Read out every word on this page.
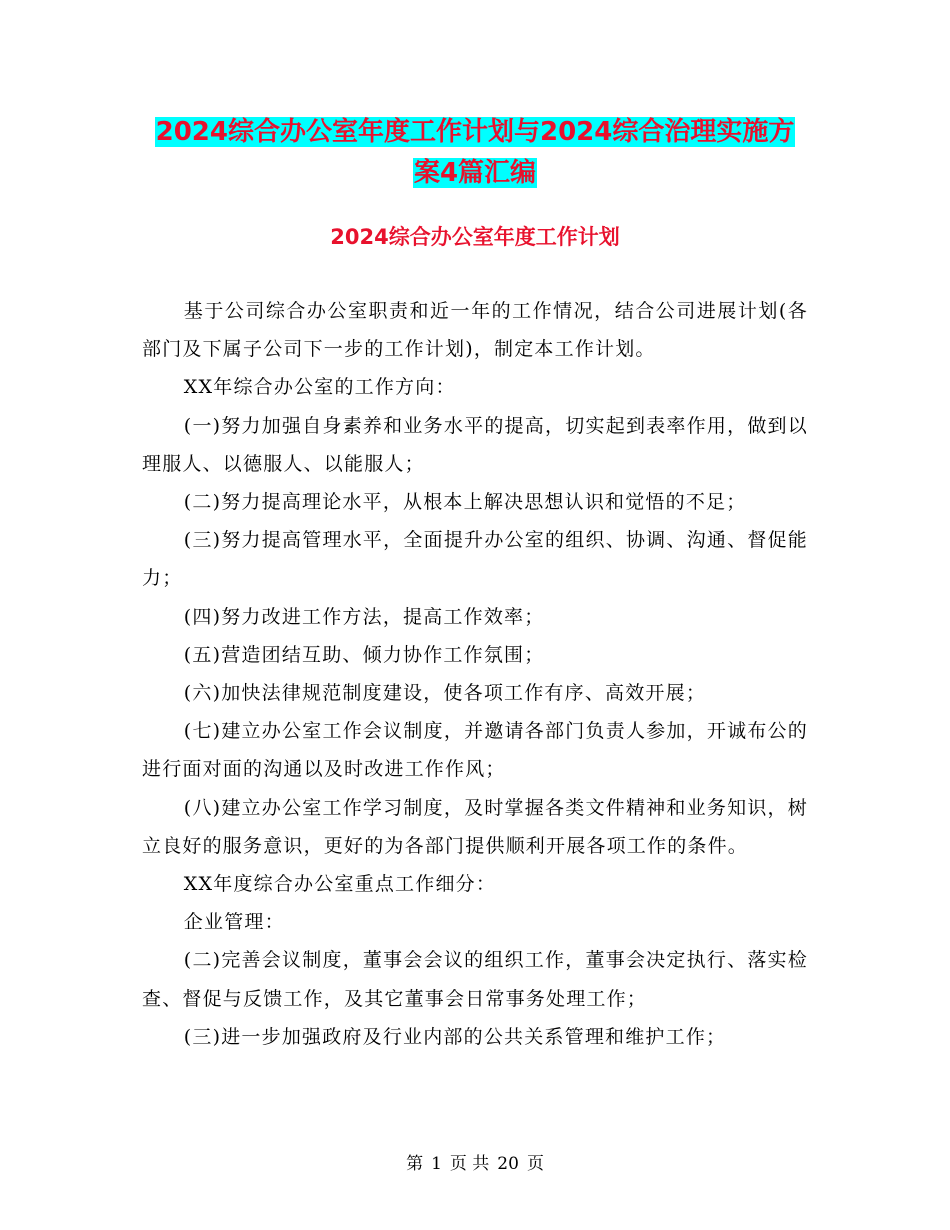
2024综合办公室年度工作计划与2024综合治理实施方
案4篇汇编
2024综合办公室年度工作计划

基于公司综合办公室职责和近一年的工作情况，结合公司进展计划(各部门及下属子公司下一步的工作计划)，制定本工作计划。

XX年综合办公室的工作方向：

(一)努力加强自身素养和业务水平的提高，切实起到表率作用，做到以理服人、以德服人、以能服人；

(二)努力提高理论水平，从根本上解决思想认识和觉悟的不足；

(三)努力提高管理水平，全面提升办公室的组织、协调、沟通、督促能力；

(四)努力改进工作方法，提高工作效率；

(五)营造团结互助、倾力协作工作氛围；

(六)加快法律规范制度建设，使各项工作有序、高效开展；

(七)建立办公室工作会议制度，并邀请各部门负责人参加，开诚布公的进行面对面的沟通以及时改进工作作风；

(八)建立办公室工作学习制度，及时掌握各类文件精神和业务知识，树立良好的服务意识，更好的为各部门提供顺利开展各项工作的条件。

XX年度综合办公室重点工作细分：

企业管理：

(二)完善会议制度，董事会会议的组织工作，董事会决定执行、落实检查、督促与反馈工作，及其它董事会日常事务处理工作；

(三)进一步加强政府及行业内部的公共关系管理和维护工作；

第 1 页 共 20 页
